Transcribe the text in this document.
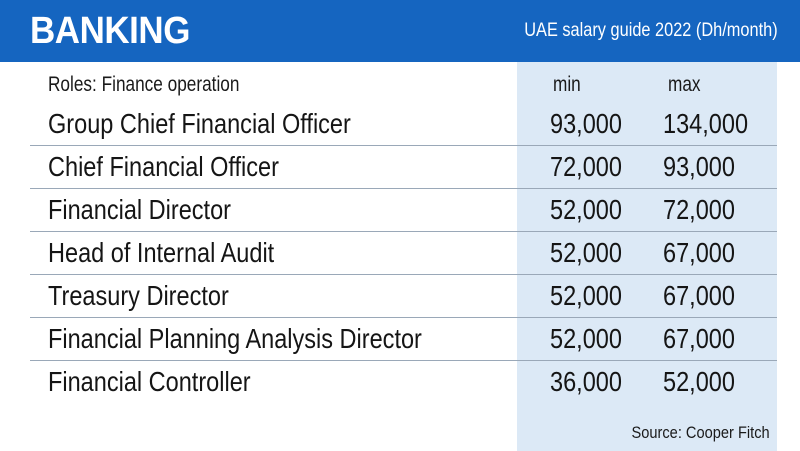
BANKING	UAE salary guide 2022 (Dh/month)
Roles: Finance operation	min	max
Group Chief Financial Officer	93,000 134,000
Chief Financial Officer	72,000 93,000
Financial Director	52,000 72,000
Head of Internal Audit	52,000 67,000
Treasury Director	52,000 67,000
Financial Planning Analysis Director	52,000 67,000
Financial Controller	36,000 52,000
Source: Cooper Fitch
